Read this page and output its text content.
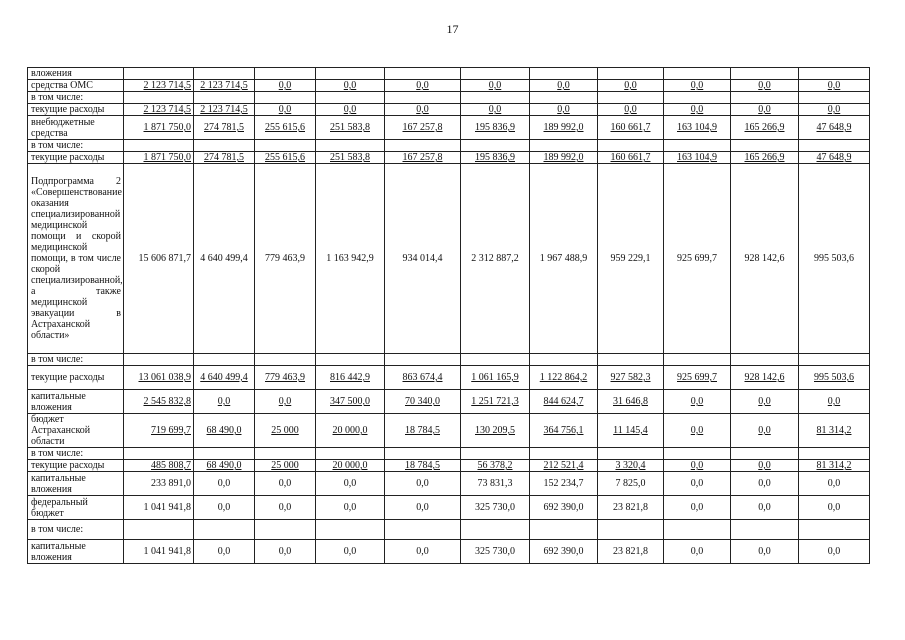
17
вложения											
средства ОМС	2 123 714,5	2 123 714,5	0,0	0,0	0,0	0,0	0,0	0,0	0,0	0,0	0,0
в том числе:											
текущие расходы	2 123 714,5	2 123 714,5	0,0	0,0	0,0	0,0	0,0	0,0	0,0	0,0	0,0
внебюджетные средства	1 871 750,0	274 781,5	255 615,6	251 583,8	167 257,8	195 836,9	189 992,0	160 661,7	163 104,9	165 266,9	47 648,9
в том числе:											
текущие расходы	1 871 750,0	274 781,5	255 615,6	251 583,8	167 257,8	195 836,9	189 992,0	160 661,7	163 104,9	165 266,9	47 648,9
Подпрограмма 2 «Совершенствование оказания специализированной медицинской помощи и скорой медицинской помощи, в том числе скорой специализированной, а также медицинской эвакуации в Астраханской области»	15 606 871,7	4 640 499,4	779 463,9	1 163 942,9	934 014,4	2 312 887,2	1 967 488,9	959 229,1	925 699,7	928 142,6	995 503,6
в том числе:											
текущие расходы	13 061 038,9	4 640 499,4	779 463,9	816 442,9	863 674,4	1 061 165,9	1 122 864,2	927 582,3	925 699,7	928 142,6	995 503,6
капитальные вложения	2 545 832,8	0,0	0,0	347 500,0	70 340,0	1 251 721,3	844 624,7	31 646,8	0,0	0,0	0,0
бюджет Астраханской области	719 699,7	68 490,0	25 000	20 000,0	18 784,5	130 209,5	364 756,1	11 145,4	0,0	0,0	81 314,2
в том числе:											
текущие расходы	485 808,7	68 490,0	25 000	20 000,0	18 784,5	56 378,2	212 521,4	3 320,4	0,0	0,0	81 314,2
капитальные вложения	233 891,0	0,0	0,0	0,0	0,0	73 831,3	152 234,7	7 825,0	0,0	0,0	0,0
федеральный бюджет	1 041 941,8	0,0	0,0	0,0	0,0	325 730,0	692 390,0	23 821,8	0,0	0,0	0,0
в том числе:											
капитальные вложения	1 041 941,8	0,0	0,0	0,0	0,0	325 730,0	692 390,0	23 821,8	0,0	0,0	0,0
